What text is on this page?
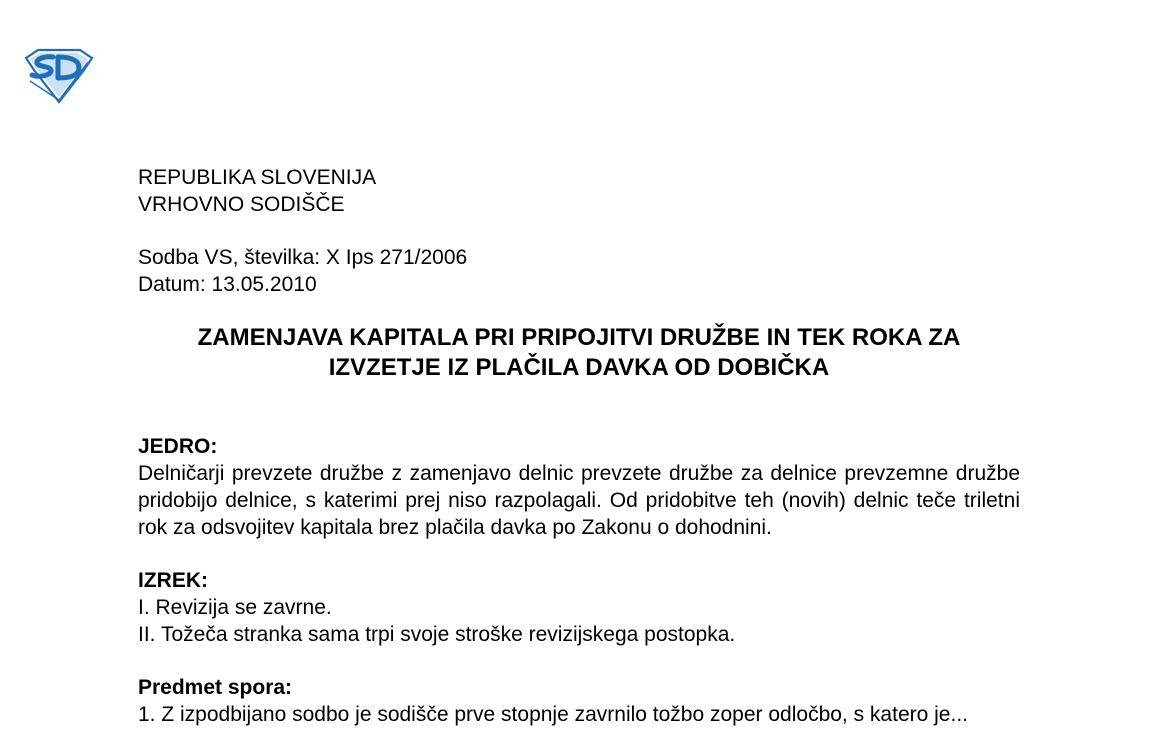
REPUBLIKA SLOVENIJA
VRHOVNO SODIŠČE
Sodba VS, številka: X Ips 271/2006
Datum: 13.05.2010
ZAMENJAVA KAPITALA PRI PRIPOJITVI DRUŽBE IN TEK ROKA ZA
IZVZETJE IZ PLAČILA DAVKA OD DOBIČKA
JEDRO:

Delničarji prevzete družbe z zamenjavo delnic prevzete družbe za delnice prevzemne družbe pridobijo delnice, s katerimi prej niso razpolagali. Od pridobitve teh (novih) delnic teče triletni rok za odsvojitev kapitala brez plačila davka po Zakonu o dohodnini.

IZREK:
I. Revizija se zavrne.
II. Tožeča stranka sama trpi svoje stroške revizijskega postopka.
Predmet spora:
1. Z izpodbijano sodbo je sodišče prve stopnje zavrnilo tožbo zoper odločbo, s katero je...
